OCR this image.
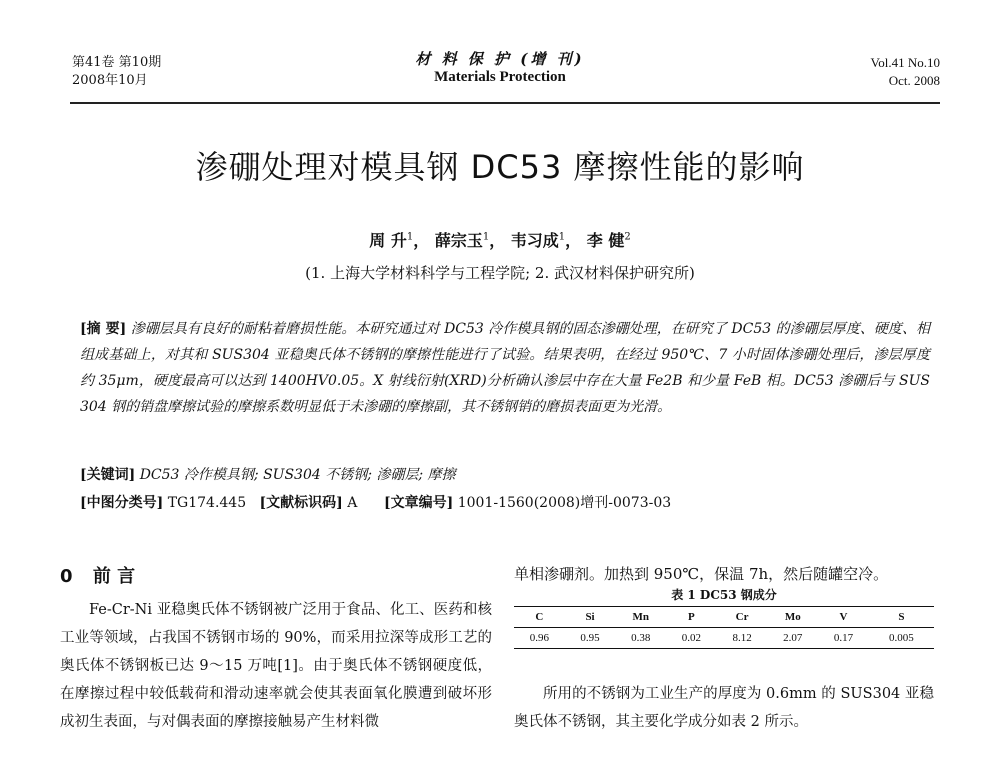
第41卷 第10期
2008年10月
材 料 保 护 (增 刊)
Materials Protection
Vol.41 No.10
Oct. 2008
渗硼处理对模具钢 DC53 摩擦性能的影响
周 升$^1$， 薛宗玉$^1$， 韦习成$^1$， 李 健$^2$
(1. 上海大学材料科学与工程学院; 2. 武汉材料保护研究所)
[摘 要] 渗硼层具有良好的耐粘着磨损性能。本研究通过对 DC53 冷作模具钢的固态渗硼处理，在研究了 DC53 的渗硼层厚度、硬度、相组成基础上，对其和 SUS304 亚稳奥氏体不锈钢的摩擦性能进行了试验。结果表明，在经过 950℃、7 小时固体渗硼处理后，渗层厚度约 35μm，硬度最高可以达到 1400HV0.05。X 射线衍射(XRD)分析确认渗层中存在大量 Fe2B 和少量 FeB 相。DC53 渗硼后与 SUS 304 钢的销盘摩擦试验的摩擦系数明显低于未渗硼的摩擦副，其不锈钢销的磨损表面更为光滑。
[关键词] DC53 冷作模具钢; SUS304 不锈钢; 渗硼层; 摩擦
[中图分类号] TG174.445 [文献标识码] A [文章编号] 1001-1560(2008)增刊-0073-03
0 前 言

Fe-Cr-Ni 亚稳奥氏体不锈钢被广泛用于食品、化工、医药和核工业等领域，占我国不锈钢市场的 90%，而采用拉深等成形工艺的奥氏体不锈钢板已达 9～15 万吨[1]。由于奥氏体不锈钢硬度低，在摩擦过程中较低载荷和滑动速率就会使其表面氧化膜遭到破坏形成初生表面，与对偶表面的摩擦接触易产生材料微

单相渗硼剂。加热到 950℃，保温 7h，然后随罐空冷。
表 1 DC53 钢成分
C	Si	Mn	P	Cr	Mo	V	S
0.96	0.95	0.38	0.02	8.12	2.07	0.17	0.005

所用的不锈钢为工业生产的厚度为 0.6mm 的 SUS304 亚稳奥氏体不锈钢，其主要化学成分如表 2 所示。
